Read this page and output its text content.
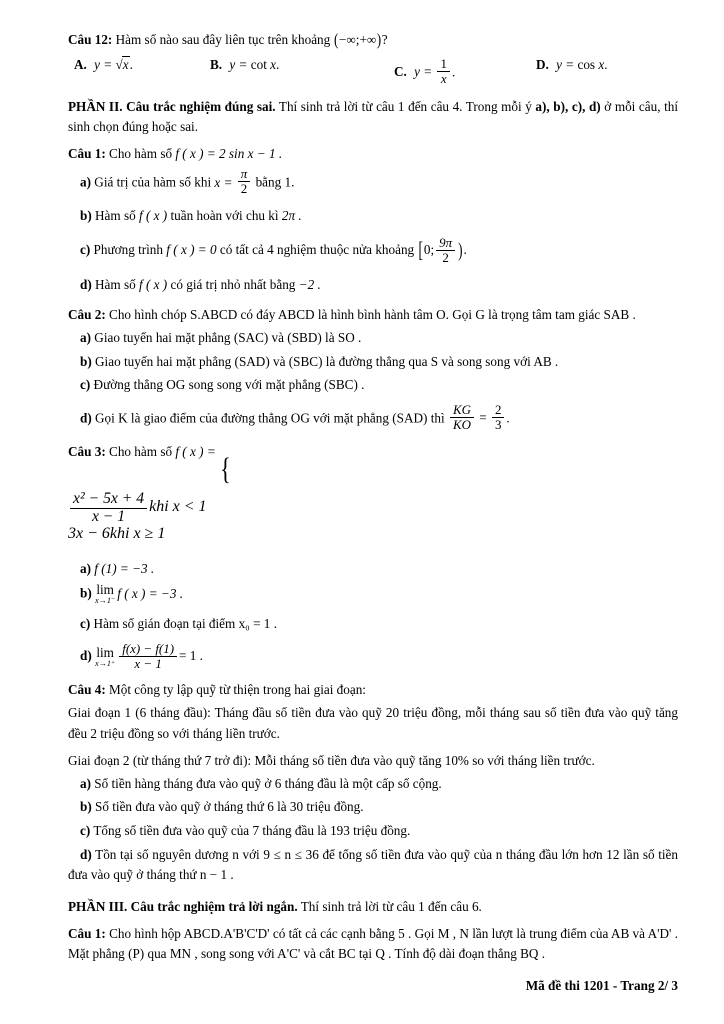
Câu 12: Hàm số nào sau đây liên tục trên khoảng (−∞;+∞)?

A. y = √x.	B. y = cot x.	C. $y = \frac{1}{x}$ .	D. y = cos x.

PHẦN II. Câu trắc nghiệm đúng sai. Thí sinh trả lời từ câu 1 đến câu 4. Trong mỗi ý a), b), c), d) ở mỗi câu, thí sinh chọn đúng hoặc sai.

Câu 1: Cho hàm số f ( x ) = 2 sin x − 1 .

a) Giá trị của hàm số khi $x = \frac{\pi}{2}$ bằng 1.

b) Hàm số f ( x ) tuần hoàn với chu kì 2π .

c) Phương trình f ( x ) = 0 có tất cả 4 nghiệm thuộc nửa khoảng [0; $\frac{9\pi}{2}$ ).

d) Hàm số f ( x ) có giá trị nhỏ nhất bằng −2 .

Câu 2: Cho hình chóp S.ABCD có đáy ABCD là hình bình hành tâm O. Gọi G là trọng tâm tam giác SAB .

a) Giao tuyến hai mặt phẳng (SAC) và (SBD) là SO .

b) Giao tuyến hai mặt phẳng (SAD) và (SBC) là đường thẳng qua S và song song với AB .

c) Đường thẳng OG song song với mặt phẳng (SBC) .

d) Gọi K là giao điểm của đường thẳng OG với mặt phẳng (SAD) thì $\frac{KG}{KO} = \frac{2}{3}$ .

Câu 3: Cho hàm số f ( x ) = {

$\frac{\text{x² − 5x + 4}}{x - 1}$ khi x < 1
3x − 6khi x ≥ 1

a) f (1) = −3 .

b) lim
x→1⁻
f ( x ) = −3 .

c) Hàm số gián đoạn tại điểm x₀ = 1 .

d) lim
$x\to 1^+ \frac{f(x) - f(1)}{x - 1} = 1$ .

Câu 4: Một công ty lập quỹ từ thiện trong hai giai đoạn:

Giai đoạn 1 (6 tháng đầu): Tháng đầu số tiền đưa vào quỹ 20 triệu đồng, mỗi tháng sau số tiền đưa vào quỹ tăng đều 2 triệu đồng so với tháng liền trước.

Giai đoạn 2 (từ tháng thứ 7 trở đi): Mỗi tháng số tiền đưa vào quỹ tăng 10% so với tháng liền trước.

a) Số tiền hàng tháng đưa vào quỹ ở 6 tháng đầu là một cấp số cộng.

b) Số tiền đưa vào quỹ ở tháng thứ 6 là 30 triệu đồng.

c) Tổng số tiền đưa vào quỹ của 7 tháng đầu là 193 triệu đồng.

d) Tồn tại số nguyên dương n với 9 ≤ n ≤ 36 để tổng số tiền đưa vào quỹ của n tháng đầu lớn hơn 12 lần số tiền đưa vào quỹ ở tháng thứ n − 1 .

PHẦN III. Câu trắc nghiệm trả lời ngắn. Thí sinh trả lời từ câu 1 đến câu 6.

Câu 1: Cho hình hộp ABCD.A'B'C'D' có tất cả các cạnh bằng 5 . Gọi M , N lần lượt là trung điểm của AB và A'D' . Mặt phẳng (P) qua MN , song song với A'C' và cắt BC tại Q . Tính độ dài đoạn thẳng BQ .

Mã đề thi 1201 - Trang 2/ 3
